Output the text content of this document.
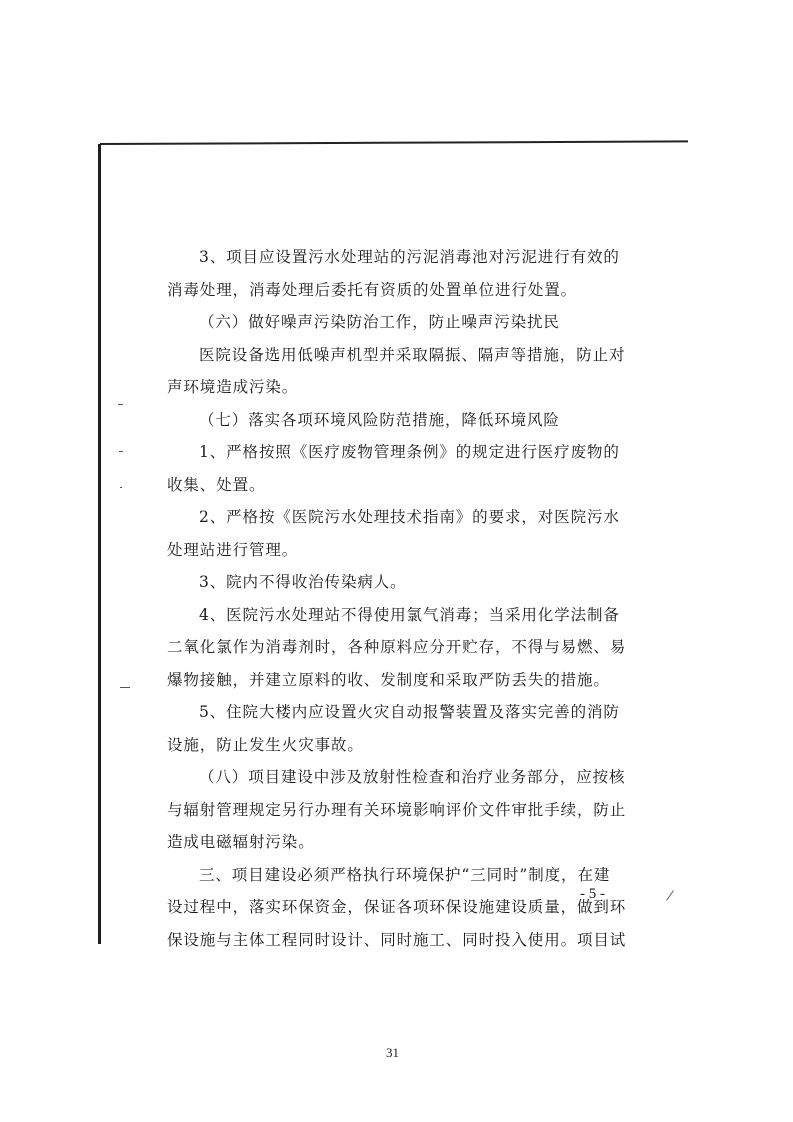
3、项目应设置污水处理站的污泥消毒池对污泥进行有效的
消毒处理，消毒处理后委托有资质的处置单位进行处置。
（六）做好噪声污染防治工作，防止噪声污染扰民
医院设备选用低噪声机型并采取隔振、隔声等措施，防止对
声环境造成污染。
（七）落实各项环境风险防范措施，降低环境风险
1、严格按照《医疗废物管理条例》的规定进行医疗废物的
收集、处置。
2、严格按《医院污水处理技术指南》的要求，对医院污水
处理站进行管理。
3、院内不得收治传染病人。
4、医院污水处理站不得使用氯气消毒；当采用化学法制备
二氧化氯作为消毒剂时，各种原料应分开贮存，不得与易燃、易
爆物接触，并建立原料的收、发制度和采取严防丢失的措施。
5、住院大楼内应设置火灾自动报警装置及落实完善的消防
设施，防止发生火灾事故。
（八）项目建设中涉及放射性检查和治疗业务部分，应按核
与辐射管理规定另行办理有关环境影响评价文件审批手续，防止
造成电磁辐射污染。
三、项目建设必须严格执行环境保护“三同时”制度，在建
设过程中，落实环保资金，保证各项环保设施建设质量，做到环
保设施与主体工程同时设计、同时施工、同时投入使用。项目试
- 5 -
31
